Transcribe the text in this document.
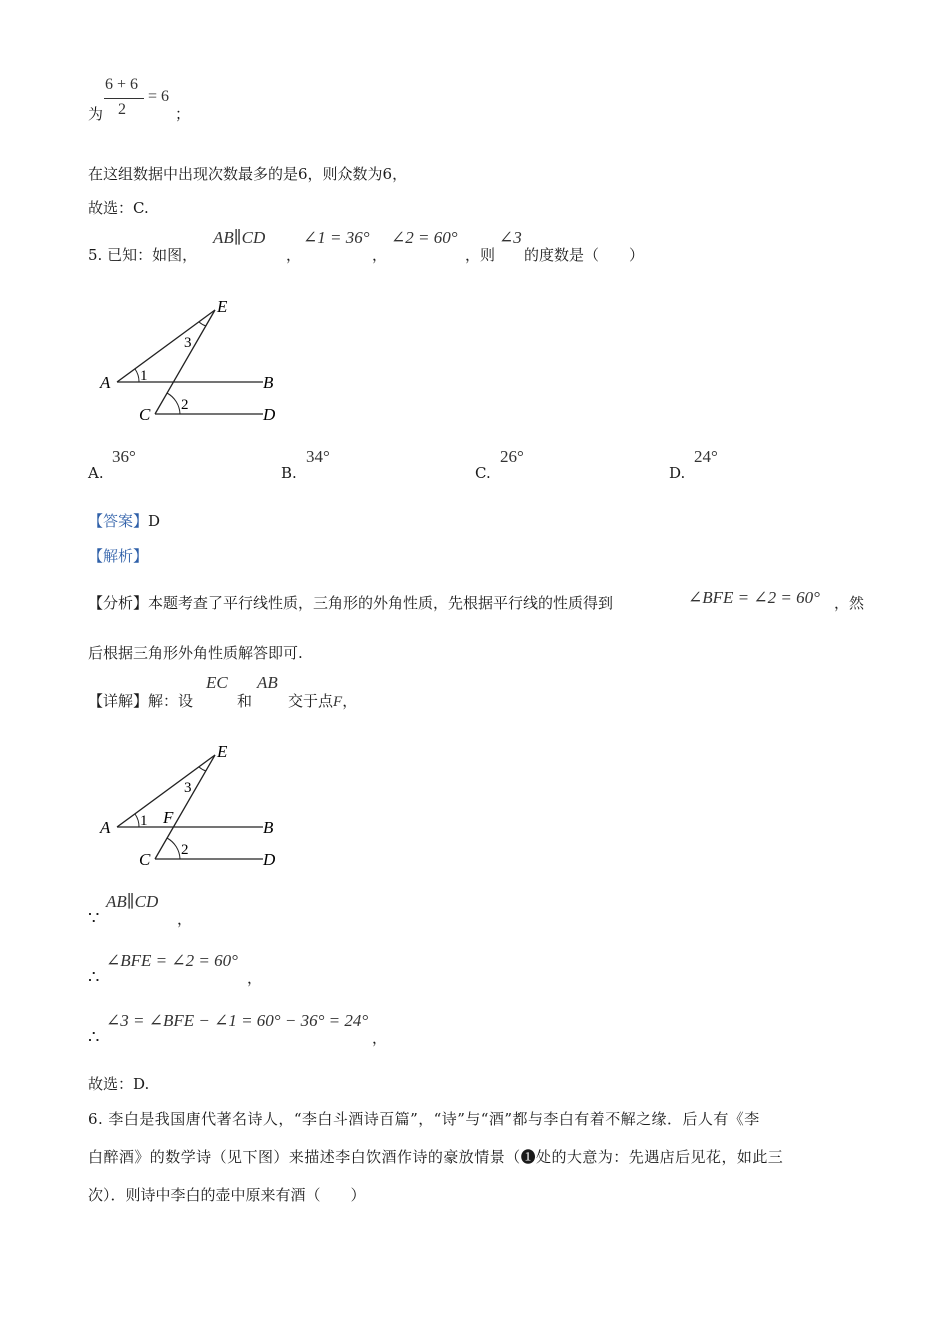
6 + 6
2
= 6
为	；
在这组数据中出现次数最多的是6，则众数为6，
故选：C.
5. 已知：如图，
AB∥CD
，
∠1 = 36°
，
∠2 = 60°
，则
∠3
的度数是（　　）
A	B
C	D
E
1
2
3
A.
36°
B.
34°
C.
26°
D.
24°
【答案】D
【解析】
【分析】本题考查了平行线性质，三角形的外角性质，先根据平行线的性质得到	∠BFE = ∠2 = 60° ，然
后根据三角形外角性质解答即可.
【详解】解：设
EC
和
AB
交于点F，
A	B
C	D
E
F
1
2
3
∵
AB∥CD
，
∴
∠BFE = ∠2 = 60°
，
∴
∠3 = ∠BFE − ∠1 = 60° − 36° = 24°
，
故选：D.
6. 李白是我国唐代著名诗人，“李白斗酒诗百篇”，“诗”与“酒”都与李白有着不解之缘．后人有《李
白醉酒》的数学诗（见下图）来描述李白饮酒作诗的豪放情景（❶处的大意为：先遇店后见花，如此三
次）．则诗中李白的壶中原来有酒（　　）
